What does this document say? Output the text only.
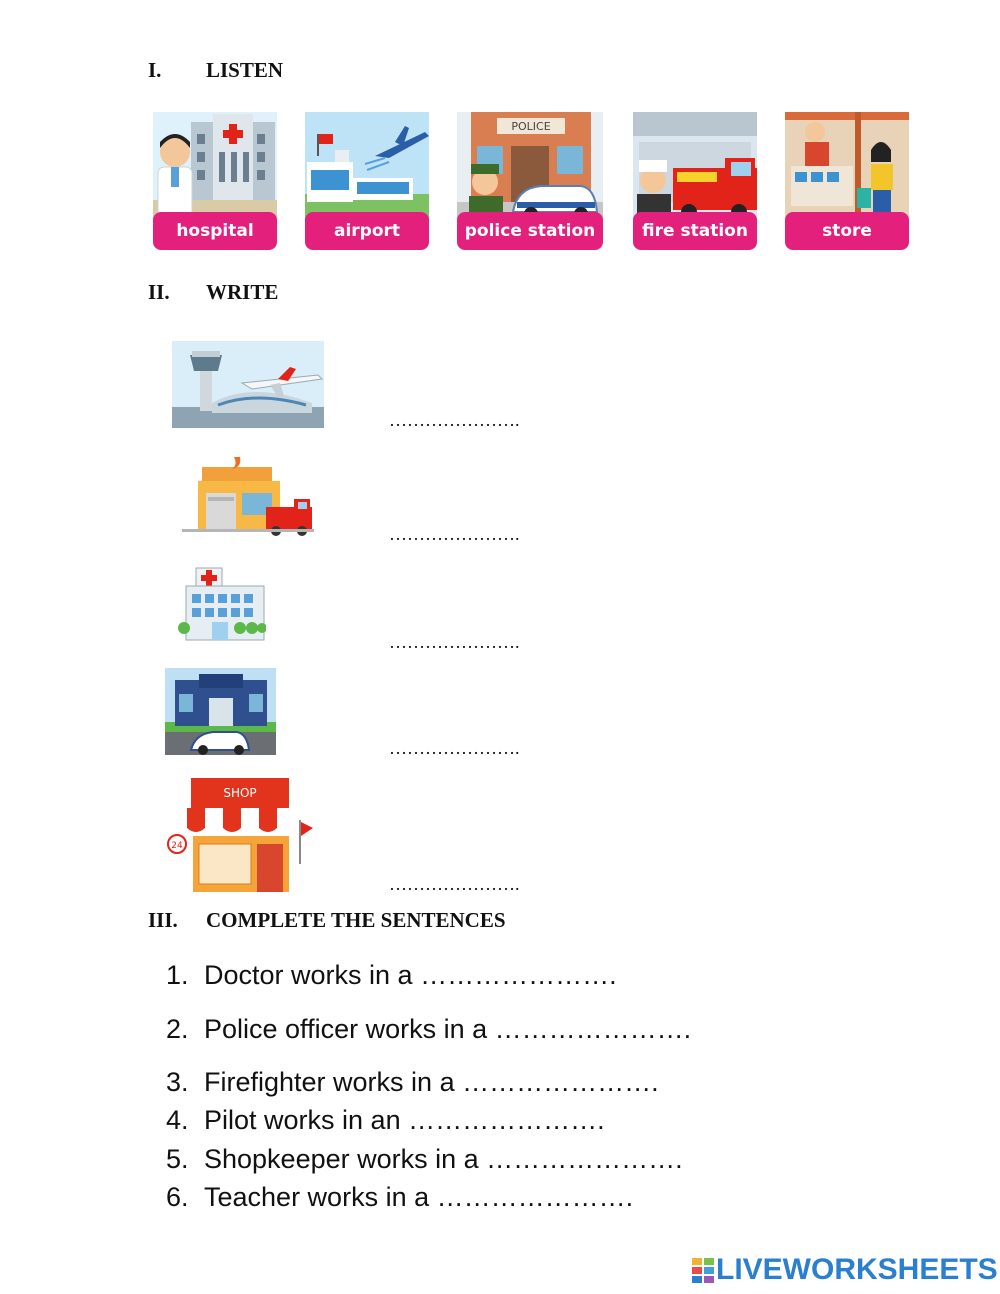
I. LISTEN
hospital	airport
POLICE
police station	fire station	store
II. WRITE
………………….
………………….
………………….
………………….
SHOP
24
………………….
III. COMPLETE THE SENTENCES
1. Doctor works in a ………………….
2. Police officer works in a ………………….
3. Firefighter works in a ………………….
4. Pilot works in an ………………….
5. Shopkeeper works in a ………………….
6. Teacher works in a ………………….
LIVEWORKSHEETS
